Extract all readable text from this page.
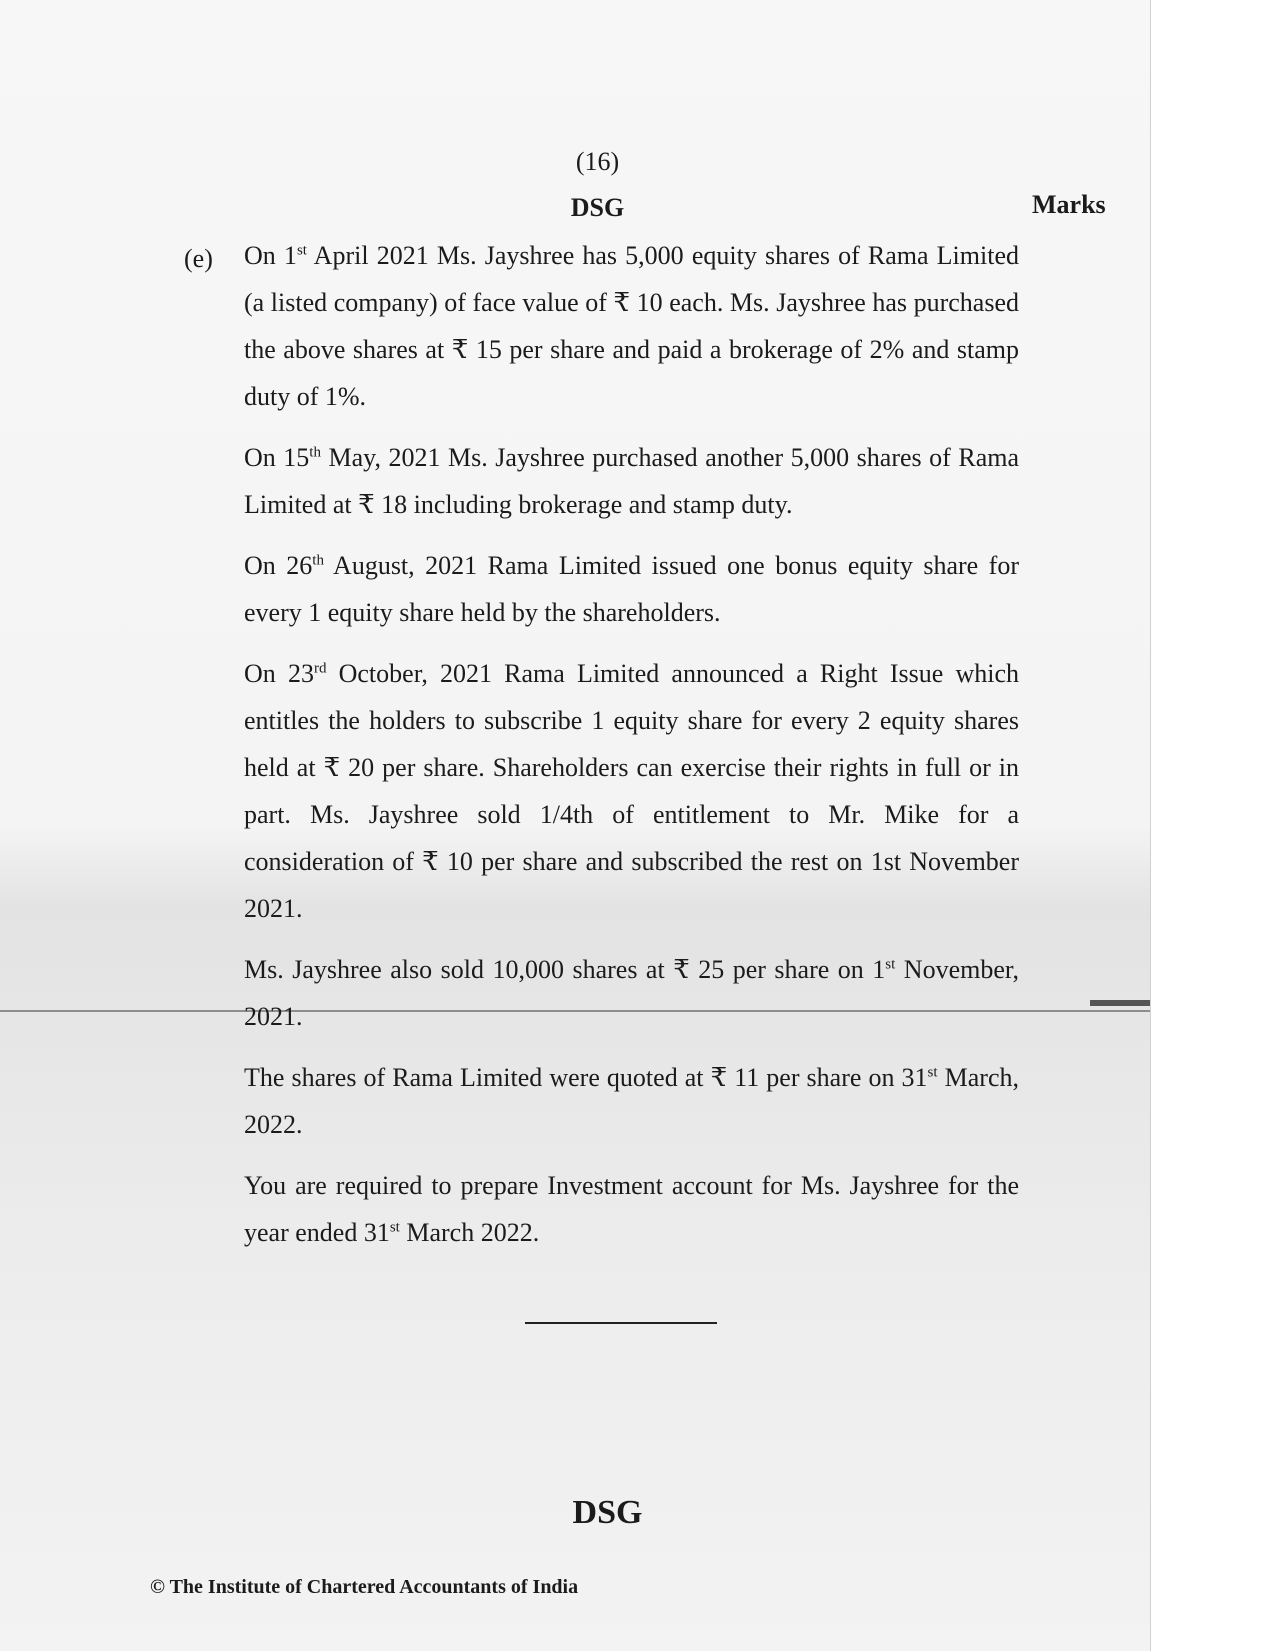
(16)
DSG	Marks
(e) On 1st April 2021 Ms. Jayshree has 5,000 equity shares of Rama Limited (a listed company) of face value of ₹ 10 each. Ms. Jayshree has purchased the above shares at ₹ 15 per share and paid a brokerage of 2% and stamp duty of 1%.

On 15th May, 2021 Ms. Jayshree purchased another 5,000 shares of Rama Limited at ₹ 18 including brokerage and stamp duty.

On 26th August, 2021 Rama Limited issued one bonus equity share for every 1 equity share held by the shareholders.

On 23rd October, 2021 Rama Limited announced a Right Issue which entitles the holders to subscribe 1 equity share for every 2 equity shares held at ₹ 20 per share. Shareholders can exercise their rights in full or in part. Ms. Jayshree sold 1/4th of entitlement to Mr. Mike for a consideration of ₹ 10 per share and subscribed the rest on 1st November 2021.

Ms. Jayshree also sold 10,000 shares at ₹ 25 per share on 1st November, 2021.

The shares of Rama Limited were quoted at ₹ 11 per share on 31st March, 2022.

You are required to prepare Investment account for Ms. Jayshree for the year ended 31st March 2022.

DSG
© The Institute of Chartered Accountants of India
